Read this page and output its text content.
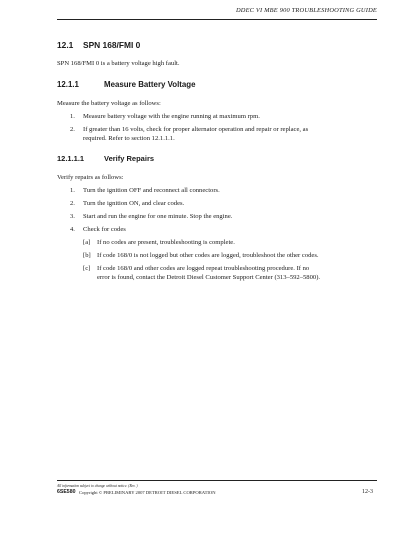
DDEC VI MBE 900 TROUBLESHOOTING GUIDE
12.1 SPN 168/FMI 0
SPN 168/FMI 0 is a battery voltage high fault.
12.1.1	Measure Battery Voltage
Measure the battery voltage as follows:
1. Measure battery voltage with the engine running at maximum rpm.
2. If greater than 16 volts, check for proper alternator operation and repair or replace, as
required. Refer to section 12.1.1.1.
12.1.1.1	Verify Repairs
Verify repairs as follows:
1. Turn the ignition OFF and reconnect all connectors.
2. Turn the ignition ON, and clear codes.
3. Start and run the engine for one minute. Stop the engine.
4. Check for codes
[a] If no codes are present, troubleshooting is complete.
[b] If code 168/0 is not logged but other codes are logged, troubleshoot the other codes.
[c] If code 168/0 and other codes are logged repeat troubleshooting procedure. If no
error is found, contact the Detroit Diesel Customer Support Center (313–592–5800).
All information subject to change without notice. (Rev. )
6SE580 Copyright © PRELIMINARY 2007 DETROIT DIESEL CORPORATION	12-3
